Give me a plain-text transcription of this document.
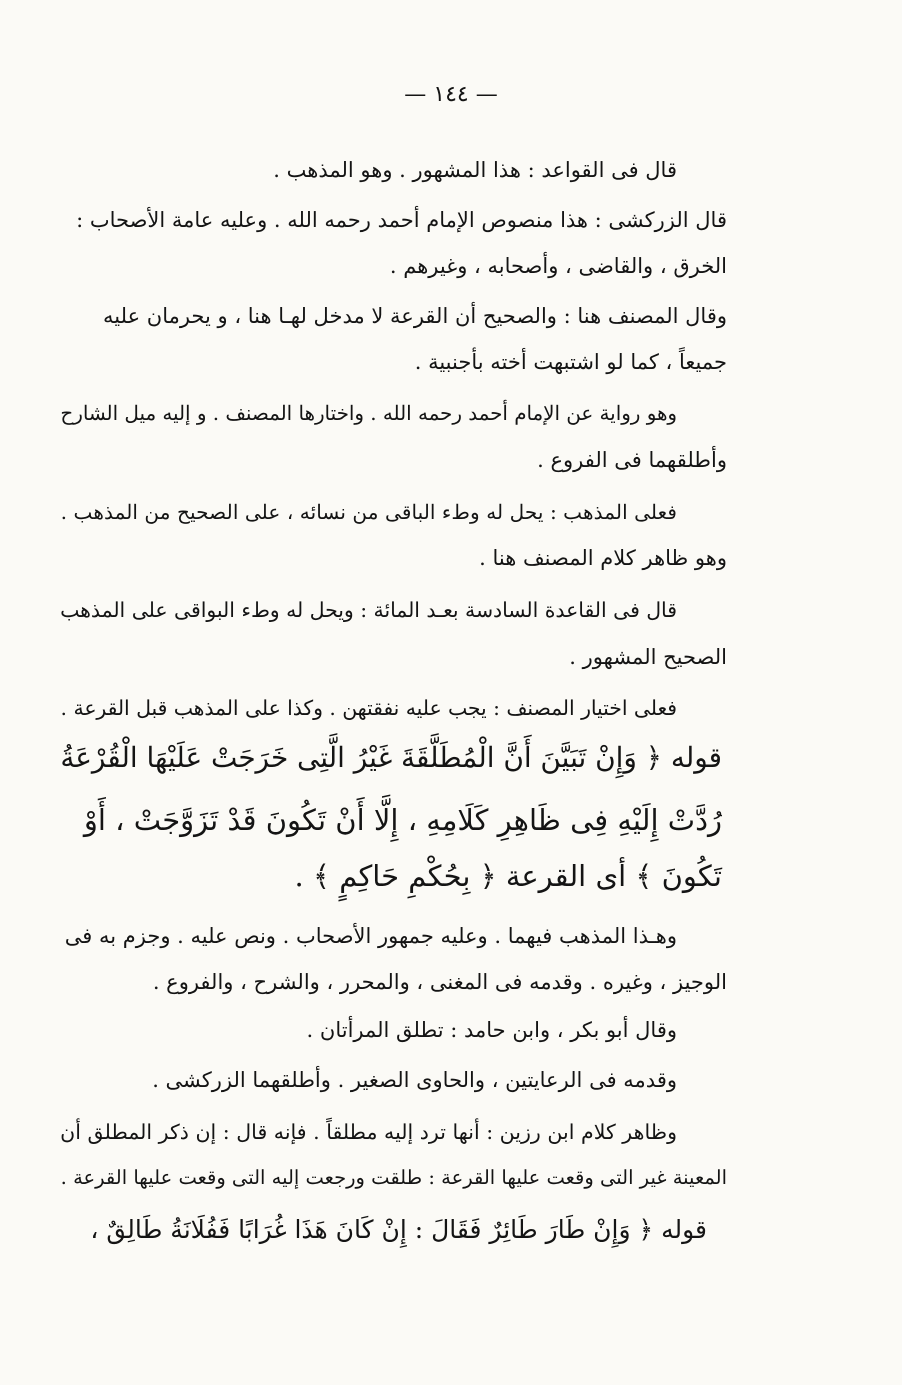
— ١٤٤ —
قال فى القواعد : هذا المشهور . وهو المذهب .
قال الزركشى : هذا منصوص الإمام أحمد رحمه الله . وعليه عامة الأصحاب :
الخرق ، والقاضى ، وأصحابه ، وغيرهم .
وقال المصنف هنا : والصحيح أن القرعة لا مدخل لهـا هنا ، و يحرمان عليه
جميعاً ، كما لو اشتبهت أخته بأجنبية .
وهو رواية عن الإمام أحمد رحمه الله . واختارها المصنف . و إليه ميل الشارح
وأطلقهما فى الفروع .
فعلى المذهب : يحل له وطء الباقى من نسائه ، على الصحيح من المذهب .
وهو ظاهر كلام المصنف هنا .
قال فى القاعدة السادسة بعـد المائة : ويحل له وطء البواقى على المذهب
الصحيح المشهور .
فعلى اختيار المصنف : يجب عليه نفقتهن . وكذا على المذهب قبل القرعة .
قوله ﴿ وَإِنْ تَبَيَّنَ أَنَّ الْمُطَلَّقَةَ غَيْرُ الَّتِى خَرَجَتْ عَلَيْهَا الْقُرْعَةُ
رُدَّتْ إِلَيْهِ فِى ظَاهِرِ كَلَامِهِ ، إِلَّا أَنْ تَكُونَ قَدْ تَزَوَّجَتْ ، أَوْ
تَكُونَ ﴾ أى القرعة ﴿ بِحُكْمِ حَاكِمٍ ﴾ .
وهـذا المذهب فيهما . وعليه جمهور الأصحاب . ونص عليه . وجزم به فى
الوجيز ، وغيره . وقدمه فى المغنى ، والمحرر ، والشرح ، والفروع .
وقال أبو بكر ، وابن حامد : تطلق المرأتان .
وقدمه فى الرعايتين ، والحاوى الصغير . وأطلقهما الزركشى .
وظاهر كلام ابن رزين : أنها ترد إليه مطلقاً . فإنه قال : إن ذكر المطلق أن
المعينة غير التى وقعت عليها القرعة : طلقت ورجعت إليه التى وقعت عليها القرعة .
قوله ﴿ وَإِنْ طَارَ طَائِرٌ فَقَالَ : إِنْ كَانَ هَذَا غُرَابًا فَفُلَانَةُ طَالِقٌ ،
